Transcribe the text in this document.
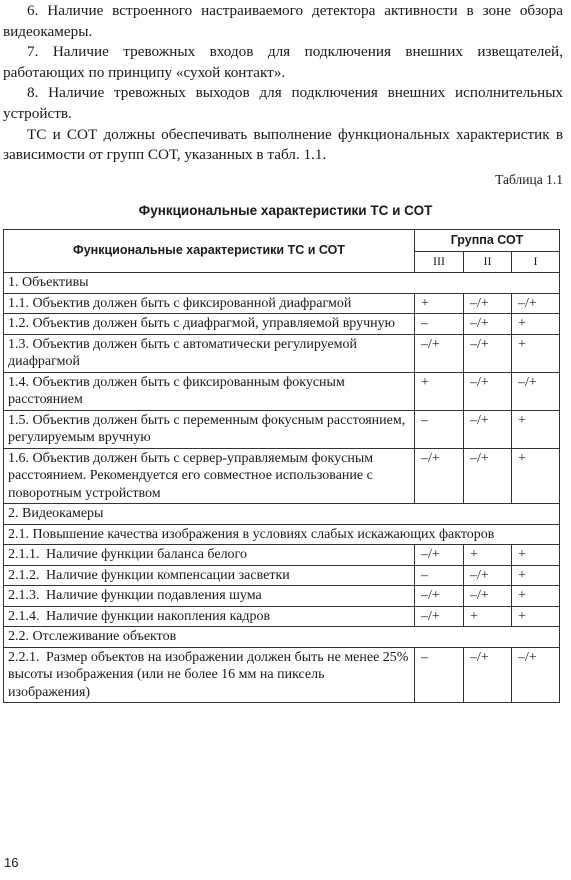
6. Наличие встроенного настраиваемого детектора активности в зоне обзора видеокамеры.

7. Наличие тревожных входов для подключения внешних извещателей, работающих по принципу «сухой контакт».

8. Наличие тревожных выходов для подключения внешних исполнительных устройств.

ТС и СОТ должны обеспечивать выполнение функциональных характеристик в зависимости от групп СОТ, указанных в табл. 1.1.

Таблица 1.1
Функциональные характеристики ТС и СОТ
Функциональные характеристики ТС и СОТ	Группа СОТ		
	III	II	I
1. Объективы			
1.1. Объектив должен быть с фиксированной диафрагмой	+	–/+	–/+
1.2. Объектив должен быть с диафрагмой, управляемой вручную	–	–/+	+
1.3. Объектив должен быть с автоматически регулируемой диафрагмой	–/+	–/+	+
1.4. Объектив должен быть с фиксированным фокусным расстоянием	+	–/+	–/+
1.5. Объектив должен быть с переменным фокусным расстоянием, регулируемым вручную	–	–/+	+
1.6. Объектив должен быть с сервер-управляемым фокусным расстоянием. Рекомендуется его совместное использование с поворотным устройством	–/+	–/+	+
2. Видеокамеры			
2.1. Повышение качества изображения в условиях слабых искажающих факторов			
2.1.1. Наличие функции баланса белого	–/+	+	+
2.1.2. Наличие функции компенсации засветки	–	–/+	+
2.1.3. Наличие функции подавления шума	–/+	–/+	+
2.1.4. Наличие функции накопления кадров	–/+	+	+
2.2. Отслеживание объектов			
2.2.1. Размер объектов на изображении должен быть не менее 25% высоты изображения (или не более 16 мм на пиксель изображения)	–	–/+	–/+
16
